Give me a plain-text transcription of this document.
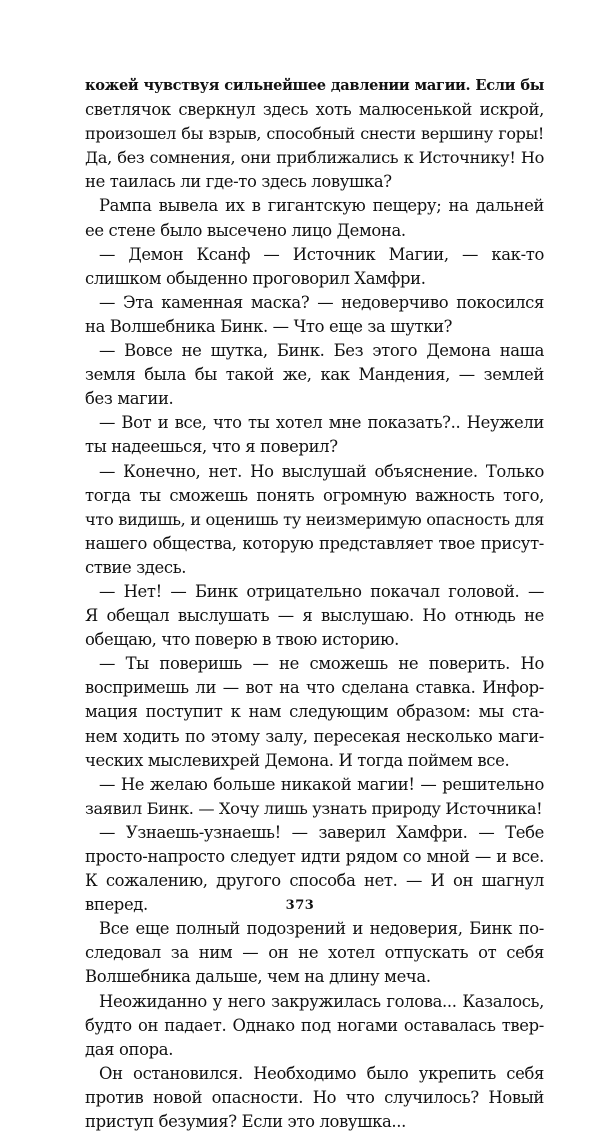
кожей чувствуя сильнейшее давлении магии. Если бы
светлячок сверкнул здесь хоть малюсенькой искрой,
произошел бы взрыв, способный снести вершину горы!
Да, без сомнения, они приближались к Источнику! Но
не таилась ли где-то здесь ловушка?
Рампа вывела их в гигантскую пещеру; на дальней
ее стене было высечено лицо Демона.
— Демон Ксанф — Источник Магии, — как-то
слишком обыденно проговорил Хамфри.
— Эта каменная маска? — недоверчиво покосился
на Волшебника Бинк. — Что еще за шутки?
— Вовсе не шутка, Бинк. Без этого Демона наша
земля была бы такой же, как Мандения, — землей
без магии.
— Вот и все, что ты хотел мне показать?.. Неужели
ты надеешься, что я поверил?
— Конечно, нет. Но выслушай объяснение. Только
тогда ты сможешь понять огромную важность того,
что видишь, и оценишь ту неизмеримую опасность для
нашего общества, которую представляет твое присут-
ствие здесь.
— Нет! — Бинк отрицательно покачал головой. —
Я обещал выслушать — я выслушаю. Но отнюдь не
обещаю, что поверю в твою историю.
— Ты поверишь — не сможешь не поверить. Но
воспримешь ли — вот на что сделана ставка. Инфор-
мация поступит к нам следующим образом: мы ста-
нем ходить по этому залу, пересекая несколько маги-
ческих мыслевихрей Демона. И тогда поймем все.
— Не желаю больше никакой магии! — решительно
заявил Бинк. — Хочу лишь узнать природу Источника!
— Узнаешь-узнаешь! — заверил Хамфри. — Тебе
просто-напросто следует идти рядом со мной — и все.
К сожалению, другого способа нет. — И он шагнул
вперед.
Все еще полный подозрений и недоверия, Бинк по-
следовал за ним — он не хотел отпускать от себя
Волшебника дальше, чем на длину меча.
Неожиданно у него закружилась голова... Казалось,
будто он падает. Однако под ногами оставалась твер-
дая опора.
Он остановился. Необходимо было укрепить себя
против новой опасности. Но что случилось? Новый
приступ безумия? Если это ловушка...
373
